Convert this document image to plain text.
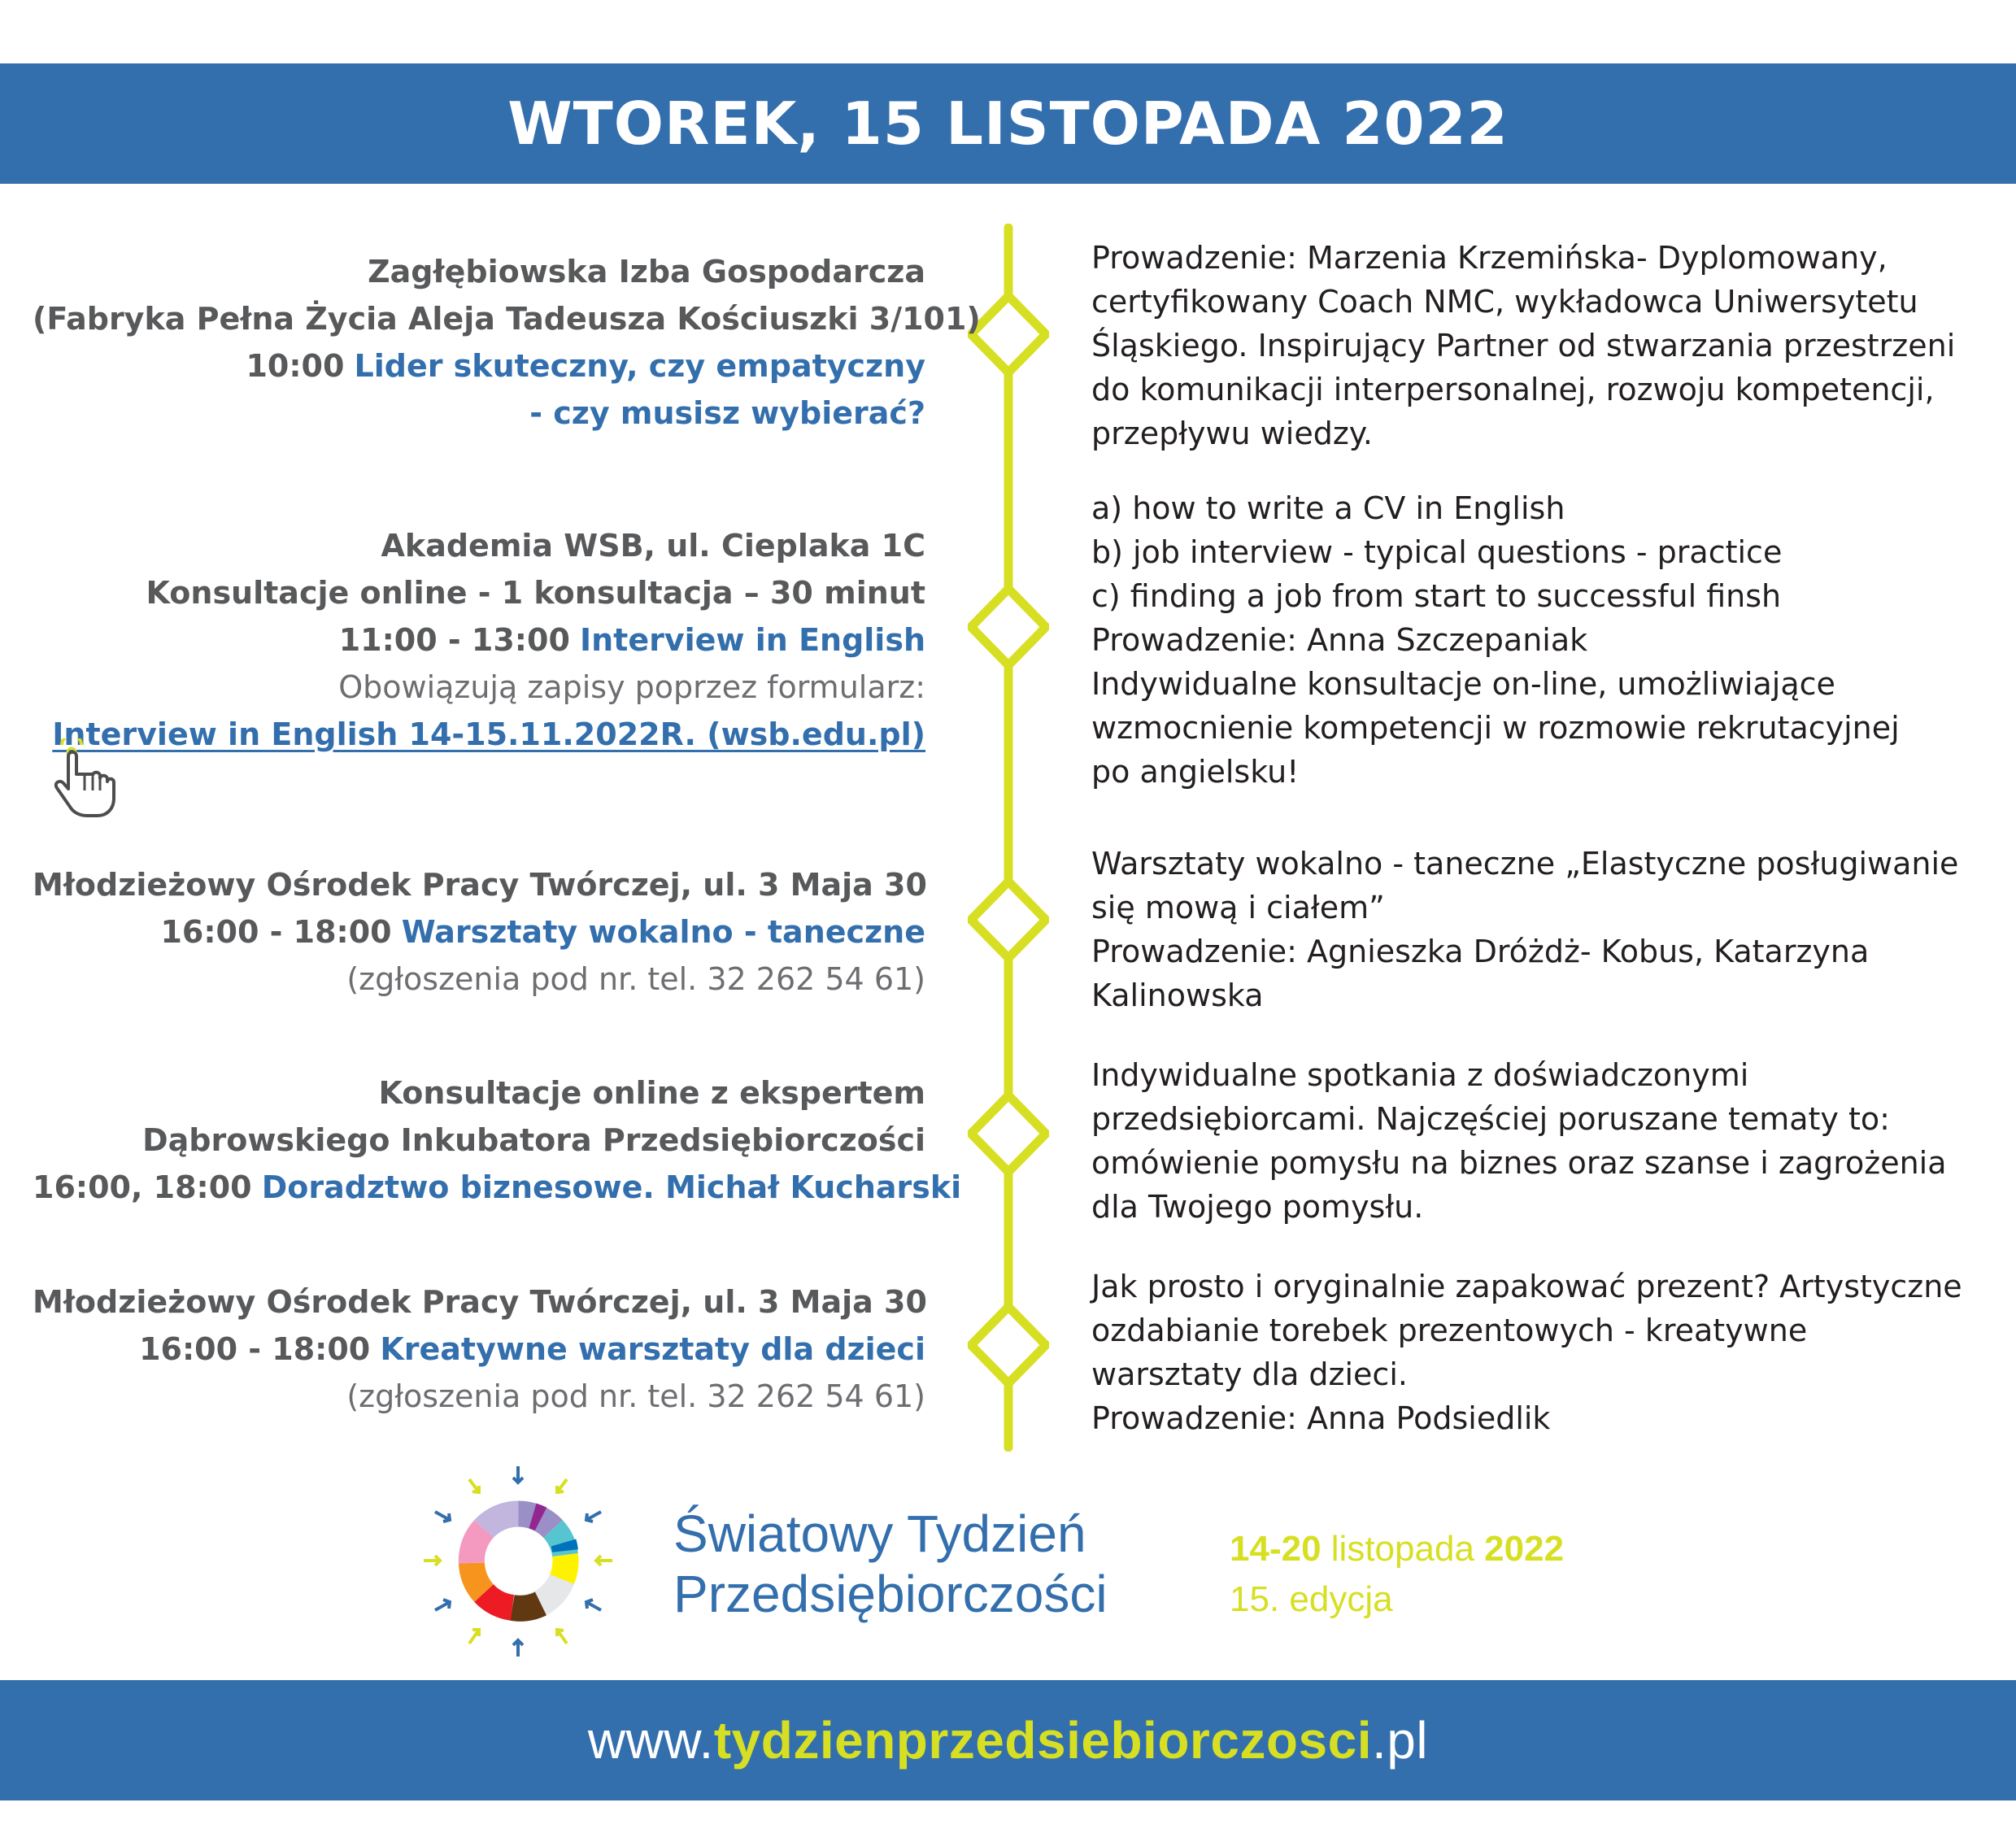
WTOREK, 15 LISTOPADA 2022
Zagłębiowska Izba Gospodarcza
(Fabryka Pełna Życia Aleja Tadeusza Kościuszki 3/101)
10:00 Lider skuteczny, czy empatyczny
- czy musisz wybierać?
Prowadzenie: Marzenia Krzemińska- Dyplomowany,
certyfikowany Coach NMC, wykładowca Uniwersytetu
Śląskiego. Inspirujący Partner od stwarzania przestrzeni
do komunikacji interpersonalnej, rozwoju kompetencji,
przepływu wiedzy.
Akademia WSB, ul. Cieplaka 1C
Konsultacje online - 1 konsultacja – 30 minut
11:00 - 13:00 Interview in English
Obowiązują zapisy poprzez formularz:
Interview in English 14-15.11.2022R. (wsb.edu.pl)
a) how to write a CV in English
b) job interview - typical questions - practice
c) finding a job from start to successful finsh
Prowadzenie: Anna Szczepaniak
Indywidualne konsultacje on-line, umożliwiające
wzmocnienie kompetencji w rozmowie rekrutacyjnej
po angielsku!
Młodzieżowy Ośrodek Pracy Twórczej, ul. 3 Maja 30
16:00 - 18:00 Warsztaty wokalno - taneczne
(zgłoszenia pod nr. tel. 32 262 54 61)
Warsztaty wokalno - taneczne „Elastyczne posługiwanie
się mową i ciałem”
Prowadzenie: Agnieszka Dróżdż- Kobus, Katarzyna
Kalinowska
Konsultacje online z ekspertem
Dąbrowskiego Inkubatora Przedsiębiorczości
16:00, 18:00 Doradztwo biznesowe. Michał Kucharski
Indywidualne spotkania z doświadczonymi
przedsiębiorcami. Najczęściej poruszane tematy to:
omówienie pomysłu na biznes oraz szanse i zagrożenia
dla Twojego pomysłu.
Młodzieżowy Ośrodek Pracy Twórczej, ul. 3 Maja 30
16:00 - 18:00 Kreatywne warsztaty dla dzieci
(zgłoszenia pod nr. tel. 32 262 54 61)
Jak prosto i oryginalnie zapakować prezent? Artystyczne
ozdabianie torebek prezentowych - kreatywne
warsztaty dla dzieci.
Prowadzenie: Anna Podsiedlik
Światowy Tydzień
Przedsiębiorczości
14-20 listopada 2022
15. edycja
www.tydzienprzedsiebiorczosci.pl
